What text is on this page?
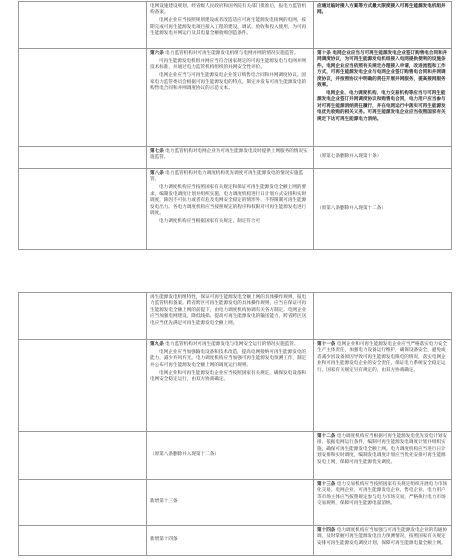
电网设施建设规划，经省级人民政府和国务院有关部门批准后，报电力监管机构备案。

电网企业应当按照规划建设或者改造适应可再生能源发电接网的电网，按期完成可再生能源发电项目接入工程的建设、调试、验收和投入使用，为可再生能源发电并网运行及其电量全额收购创造条件。

应通过临时接入方案等方式最大限度接入可再生能源发电机组并网。

第六条 电力监管机构对可再生能源发电机组与电网并网的情况实施监管。

可再生能源发电机组并网应当符合国家规定的可再生能源发电与电网并网技术标准，并通过电力监管机构组织的并网安全性评价。

电网企业应当与可再生能源发电企业签订购售电合同和并网调度协议。国家电力监管委员会根据可再生能源发电的特点，制定并发布可再生能源发电的购售电合同和并网调度协议的示范文本。

第十条 电网企业应当与可再生能源发电企业签订购售电合同和并网调度协议，为可再生能源发电机组接入电网提供便利的设施条件。电网企业应当依照有关规定办理接入申请，改进流程和工作方式，可再生能源发电企业与电网企业签订购售电合同和并网调度协议，并按照协议中明确的责任开展并网服务，提高接网服务效率。

电网企业、电力调度机构、电力交易机构等应当与可再生能源发电企业签订并网调度协议和购售电合同，电力用户应当参与对可再生能源消纳责任履行，并在电网运行中落实可再生能源发电优先收购的相关义务。可再生能源发电企业应当依照国家有关规定下达可再生能源电力消纳。

第七条 电力监管机构对电网企业为可再生能源发电及时提供上网服务的情况实施监管。	（原第七条删除并入现第十条）

第八条 电力监管机构对电力调度机构优先调度可再生能源发电的情况实施监管。

电力调度机构应当按照国家有关规定和保证可再生能源发电全额上网的要求，编制发电调度计划并组织实施。电力调度机构进行日计划方式安排和实时调度，除因不可抗力或者有危及电网安全稳定的情形外，不得限制可再生能源发电出力。各电力调度机构应当按照规定的程序和权限对可再生能源发电进行调度。

电力调度机构应当根据国家有关规定，制定符合可

（原第八条删除并入现第十二条）

再生能源发电机组特性，保证可再生能源发电全额上网的具体操作规则，报电力监管机构备案。跨省跨区可再生能源发电的具体操作规则，应当在保证可再生能源发电全额上网的前提下，由电力调度机构协调有关各方制定。电网企业应当加强电网建设、降低线损、提高可再生能源发电的输送能力，跨省跨区送电应当优先满足可再生能源发电全额上网。

第九条 电力监管机构对可再生能源发电与电网安全运行的情况实施监管。

电网企业应当加强输电设备和技术改造，提高电网接纳可再生能源发电的能力，减少弃风弃光。电力调度机构应当加强可再生能源发电预测工作，制定并公布可再生能源发电全额上网的调度运行规则。

电网企业和可再生能源发电企业应当按照国家有关规定，确保发电设备和电网安全稳定运行，由双方协商确定。

第十一条 电网企业和可再生能源发电企业应当严格落实电力安全生产主体责任，加强电力设备运行维护，确保设备安全，避免或者减少因设备原因导致可再生能源发电限电的情况，落实电网企业和可再生能源发电企业的安全责任，保证电力系统安全稳定运行。国家有关规定另有规定的，由双方协商确定。

（原第八条删除并入现第十二条）

第十二条 电力调度机构应当根据可再生能源发电优先发电计划安排，依据电网运行条件，编制可再生能源发电调度计划并组织实施，确保可再生能源发电全额上网。电力调度机构应当进行日计划安排和实时调度，编制发电调度计划应当优先安排可再生能源发电上网，保障可再生能源优先调度。

新增第十三条

第十三条 电力交易机构应当按照国家有关规定组织开展电力市场化交易，电网企业、可再生能源发电企业、售电企业、电力用户等市场主体应当按照规定参与电力市场交易，严格执行电力市场交易规则，保障可再生能源电量消纳。

新增第十四条

第十四条 电力调度机构应当加强与可再生能源发电企业的沟通协调，及时掌握可再生能源发电出力预测情况，按照国家有关规定安排可再生能源发电调度计划，保障可再生能源电量全额上网。
